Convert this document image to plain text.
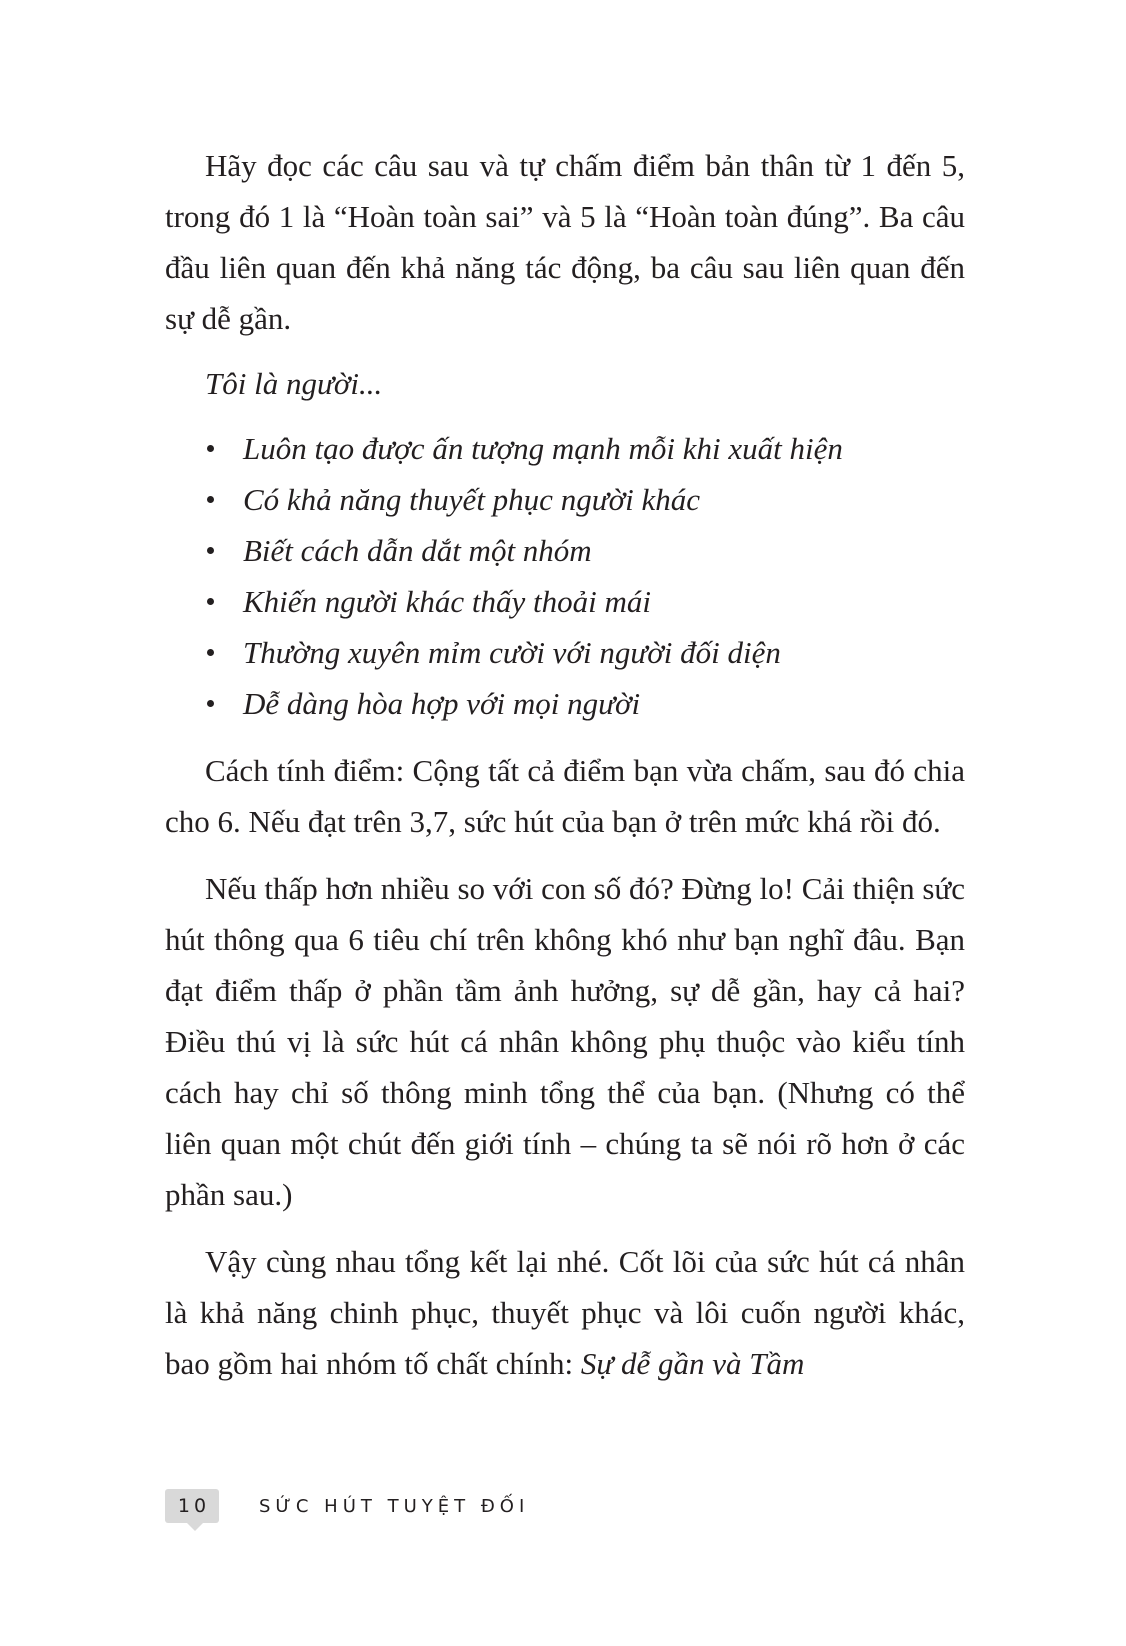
Hãy đọc các câu sau và tự chấm điểm bản thân từ 1 đến 5, trong đó 1 là “Hoàn toàn sai” và 5 là “Hoàn toàn đúng”. Ba câu đầu liên quan đến khả năng tác động, ba câu sau liên quan đến sự dễ gần.

Tôi là người...

Luôn tạo được ấn tượng mạnh mỗi khi xuất hiện
Có khả năng thuyết phục người khác
Biết cách dẫn dắt một nhóm
Khiến người khác thấy thoải mái
Thường xuyên mỉm cười với người đối diện
Dễ dàng hòa hợp với mọi người

Cách tính điểm: Cộng tất cả điểm bạn vừa chấm, sau đó chia cho 6. Nếu đạt trên 3,7, sức hút của bạn ở trên mức khá rồi đó.

Nếu thấp hơn nhiều so với con số đó? Đừng lo! Cải thiện sức hút thông qua 6 tiêu chí trên không khó như bạn nghĩ đâu. Bạn đạt điểm thấp ở phần tầm ảnh hưởng, sự dễ gần, hay cả hai? Điều thú vị là sức hút cá nhân không phụ thuộc vào kiểu tính cách hay chỉ số thông minh tổng thể của bạn. (Nhưng có thể liên quan một chút đến giới tính – chúng ta sẽ nói rõ hơn ở các phần sau.)

Vậy cùng nhau tổng kết lại nhé. Cốt lõi của sức hút cá nhân là khả năng chinh phục, thuyết phục và lôi cuốn người khác, bao gồm hai nhóm tố chất chính: Sự dễ gần và Tầm

10	SỨC HÚT TUYỆT ĐỐI
